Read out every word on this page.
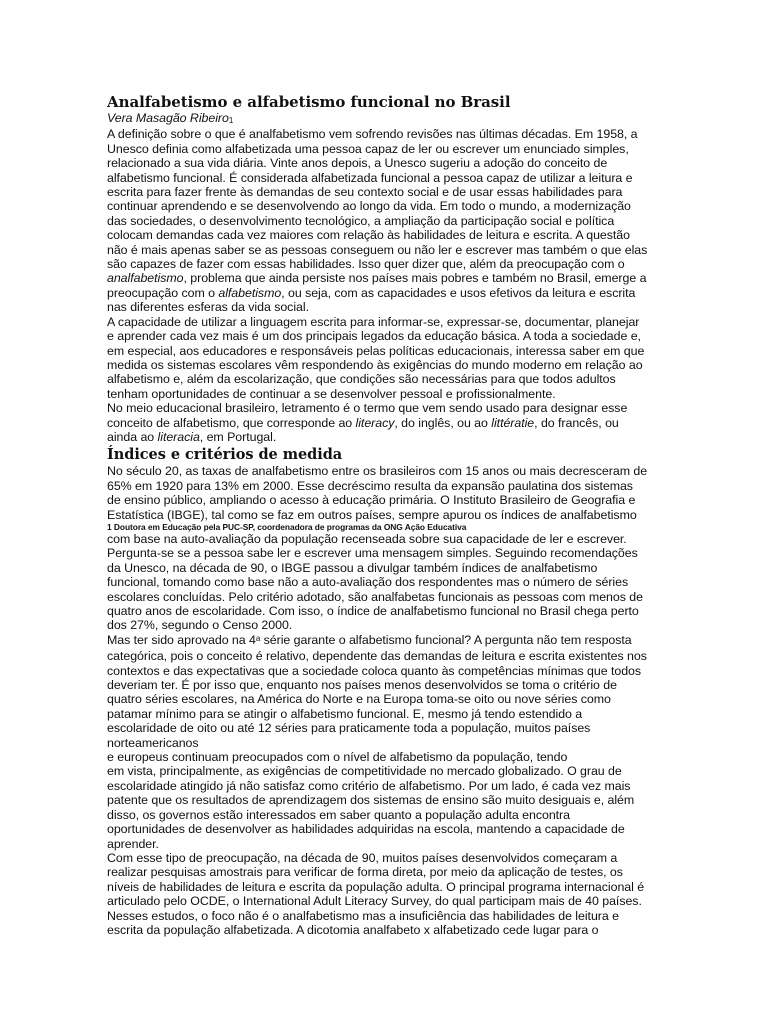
Analfabetismo e alfabetismo funcional no Brasil

Vera Masagão Ribeiro$^1$

A definição sobre o que é analfabetismo vem sofrendo revisões nas últimas décadas. Em 1958, a
Unesco definia como alfabetizada uma pessoa capaz de ler ou escrever um enunciado simples,
relacionado a sua vida diária. Vinte anos depois, a Unesco sugeriu a adoção do conceito de
alfabetismo funcional. É considerada alfabetizada funcional a pessoa capaz de utilizar a leitura e
escrita para fazer frente às demandas de seu contexto social e de usar essas habilidades para
continuar aprendendo e se desenvolvendo ao longo da vida. Em todo o mundo, a modernização
das sociedades, o desenvolvimento tecnológico, a ampliação da participação social e política
colocam demandas cada vez maiores com relação às habilidades de leitura e escrita. A questão
não é mais apenas saber se as pessoas conseguem ou não ler e escrever mas também o que elas
são capazes de fazer com essas habilidades. Isso quer dizer que, além da preocupação com o
analfabetismo, problema que ainda persiste nos países mais pobres e também no Brasil, emerge a
preocupação com o alfabetismo, ou seja, com as capacidades e usos efetivos da leitura e escrita
nas diferentes esferas da vida social.

A capacidade de utilizar a linguagem escrita para informar-se, expressar-se, documentar, planejar
e aprender cada vez mais é um dos principais legados da educação básica. A toda a sociedade e,
em especial, aos educadores e responsáveis pelas políticas educacionais, interessa saber em que
medida os sistemas escolares vêm respondendo às exigências do mundo moderno em relação ao
alfabetismo e, além da escolarização, que condições são necessárias para que todos adultos
tenham oportunidades de continuar a se desenvolver pessoal e profissionalmente.

No meio educacional brasileiro, letramento é o termo que vem sendo usado para designar esse
conceito de alfabetismo, que corresponde ao literacy, do inglês, ou ao littératie, do francês, ou
ainda ao literacia, em Portugal.

Índices e critérios de medida

No século 20, as taxas de analfabetismo entre os brasileiros com 15 anos ou mais decresceram de
65% em 1920 para 13% em 2000. Esse decréscimo resulta da expansão paulatina dos sistemas
de ensino público, ampliando o acesso à educação primária. O Instituto Brasileiro de Geografia e
Estatística (IBGE), tal como se faz em outros países, sempre apurou os índices de analfabetismo

1 Doutora em Educação pela PUC-SP, coordenadora de programas da ONG Ação Educativa

com base na auto-avaliação da população recenseada sobre sua capacidade de ler e escrever.
Pergunta-se se a pessoa sabe ler e escrever uma mensagem simples. Seguindo recomendações
da Unesco, na década de 90, o IBGE passou a divulgar também índices de analfabetismo
funcional, tomando como base não a auto-avaliação dos respondentes mas o número de séries
escolares concluídas. Pelo critério adotado, são analfabetas funcionais as pessoas com menos de
quatro anos de escolaridade. Com isso, o índice de analfabetismo funcional no Brasil chega perto
dos 27%, segundo o Censo 2000.

Mas ter sido aprovado na 4$^a$ série garante o alfabetismo funcional? A pergunta não tem resposta
categórica, pois o conceito é relativo, dependente das demandas de leitura e escrita existentes nos
contextos e das expectativas que a sociedade coloca quanto às competências mínimas que todos
deveriam ter. É por isso que, enquanto nos países menos desenvolvidos se toma o critério de
quatro séries escolares, na América do Norte e na Europa toma-se oito ou nove séries como
patamar mínimo para se atingir o alfabetismo funcional. E, mesmo já tendo estendido a
escolaridade de oito ou até 12 séries para praticamente toda a população, muitos países
norteamericanos

e europeus continuam preocupados com o nível de alfabetismo da população, tendo
em vista, principalmente, as exigências de competitividade no mercado globalizado. O grau de
escolaridade atingido já não satisfaz como critério de alfabetismo. Por um lado, é cada vez mais
patente que os resultados de aprendizagem dos sistemas de ensino são muito desiguais e, além
disso, os governos estão interessados em saber quanto a população adulta encontra
oportunidades de desenvolver as habilidades adquiridas na escola, mantendo a capacidade de
aprender.

Com esse tipo de preocupação, na década de 90, muitos países desenvolvidos começaram a
realizar pesquisas amostrais para verificar de forma direta, por meio da aplicação de testes, os
níveis de habilidades de leitura e escrita da população adulta. O principal programa internacional é
articulado pelo OCDE, o International Adult Literacy Survey, do qual participam mais de 40 países.
Nesses estudos, o foco não é o analfabetismo mas a insuficiência das habilidades de leitura e
escrita da população alfabetizada. A dicotomia analfabeto x alfabetizado cede lugar para o
